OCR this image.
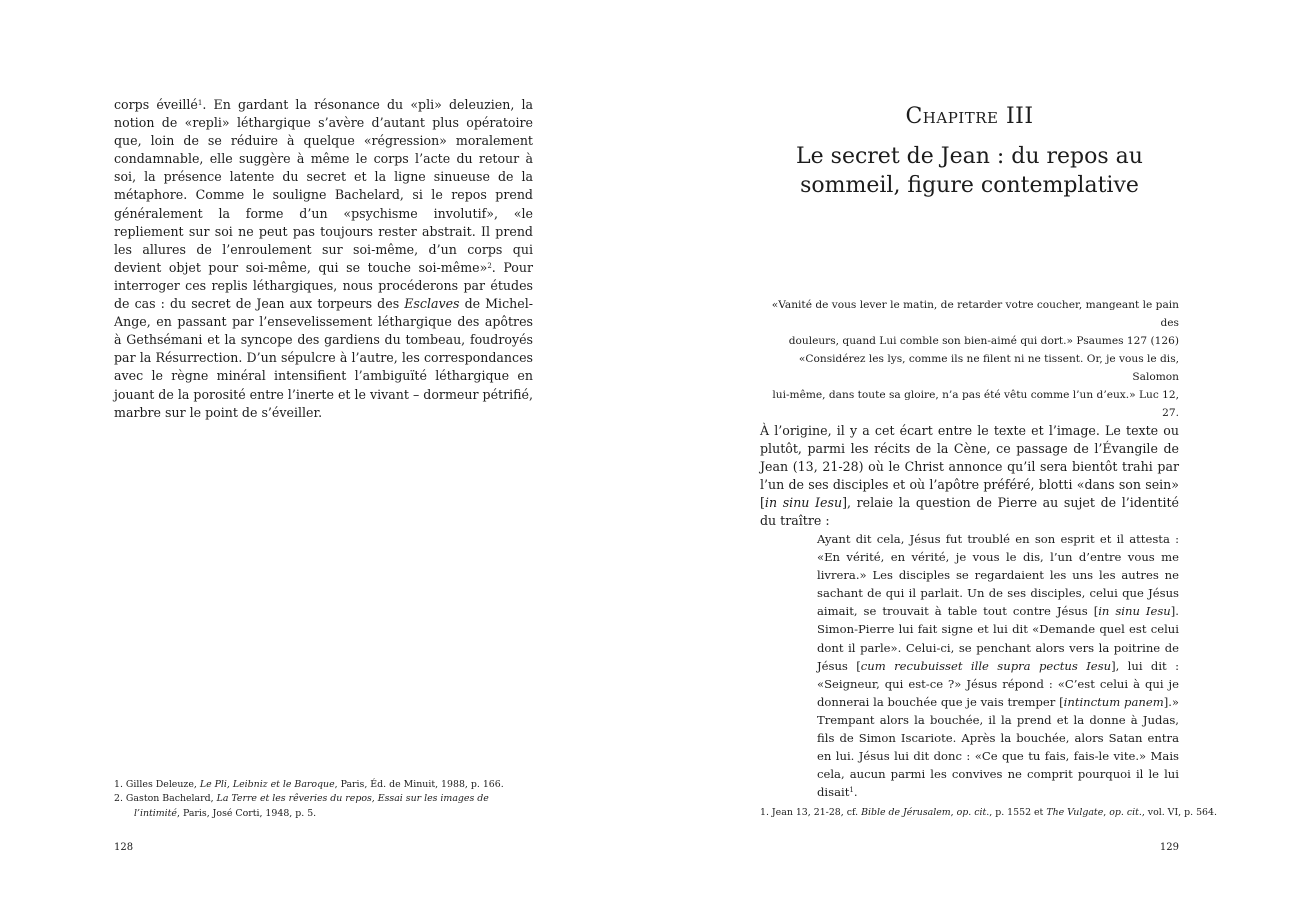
corps éveillé$^1$. En gardant la résonance du «pli» deleuzien, la notion de «repli» léthargique s’avère d’autant plus opératoire que, loin de se réduire à quelque «régression» moralement condamnable, elle suggère à même le corps l’acte du retour à soi, la présence latente du secret et la ligne sinueuse de la métaphore. Comme le souligne Bachelard, si le repos prend généralement la forme d’un «psychisme involutif», «le repliement sur soi ne peut pas toujours rester abstrait. Il prend les allures de l’enroulement sur soi-même, d’un corps qui devient objet pour soi-même, qui se touche soi-même»$^2$. Pour interroger ces replis léthargiques, nous procéderons par études de cas : du secret de Jean aux torpeurs des Esclaves de Michel-Ange, en passant par l’ensevelissement léthargique des apôtres à Gethsémani et la syncope des gardiens du tombeau, foudroyés par la Résurrection. D’un sépulcre à l’autre, les correspondances avec le règne minéral intensifient l’ambiguïté léthargique en jouant de la porosité entre l’inerte et le vivant – dormeur pétrifié, marbre sur le point de s’éveiller.

1. Gilles Deleuze, Le Pli, Leibniz et le Baroque, Paris, Éd. de Minuit, 1988, p. 166.

2. Gaston Bachelard, La Terre et les rêveries du repos, Essai sur les images de l’intimité, Paris, José Corti, 1948, p. 5.

128
Chapitre III
Le secret de Jean : du repos au
sommeil, figure contemplative
«Vanité de vous lever le matin, de retarder votre coucher, mangeant le pain des
douleurs, quand Lui comble son bien-aimé qui dort.» Psaumes 127 (126)
«Considérez les lys, comme ils ne filent ni ne tissent. Or, je vous le dis, Salomon
lui-même, dans toute sa gloire, n’a pas été vêtu comme l’un d’eux.» Luc 12, 27.

À l’origine, il y a cet écart entre le texte et l’image. Le texte ou plutôt, parmi les récits de la Cène, ce passage de l’Évangile de Jean (13, 21-28) où le Christ annonce qu’il sera bientôt trahi par l’un de ses disciples et où l’apôtre préféré, blotti «dans son sein» [in sinu Iesu], relaie la question de Pierre au sujet de l’identité du traître :

Ayant dit cela, Jésus fut troublé en son esprit et il attesta : «En vérité, en vérité, je vous le dis, l’un d’entre vous me livrera.» Les disciples se regardaient les uns les autres ne sachant de qui il parlait. Un de ses disciples, celui que Jésus aimait, se trouvait à table tout contre Jésus [in sinu Iesu]. Simon-Pierre lui fait signe et lui dit «Demande quel est celui dont il parle». Celui-ci, se penchant alors vers la poitrine de Jésus [cum recubuisset ille supra pectus Iesu], lui dit : «Seigneur, qui est-ce ?» Jésus répond : «C’est celui à qui je donnerai la bouchée que je vais tremper [intinctum panem].» Trempant alors la bouchée, il la prend et la donne à Judas, fils de Simon Iscariote. Après la bouchée, alors Satan entra en lui. Jésus lui dit donc : «Ce que tu fais, fais-le vite.» Mais cela, aucun parmi les convives ne comprit pourquoi il le lui disait$^1$.

1. Jean 13, 21-28, cf. Bible de Jérusalem, op. cit., p. 1552 et The Vulgate, op. cit., vol. VI, p. 564.

129
